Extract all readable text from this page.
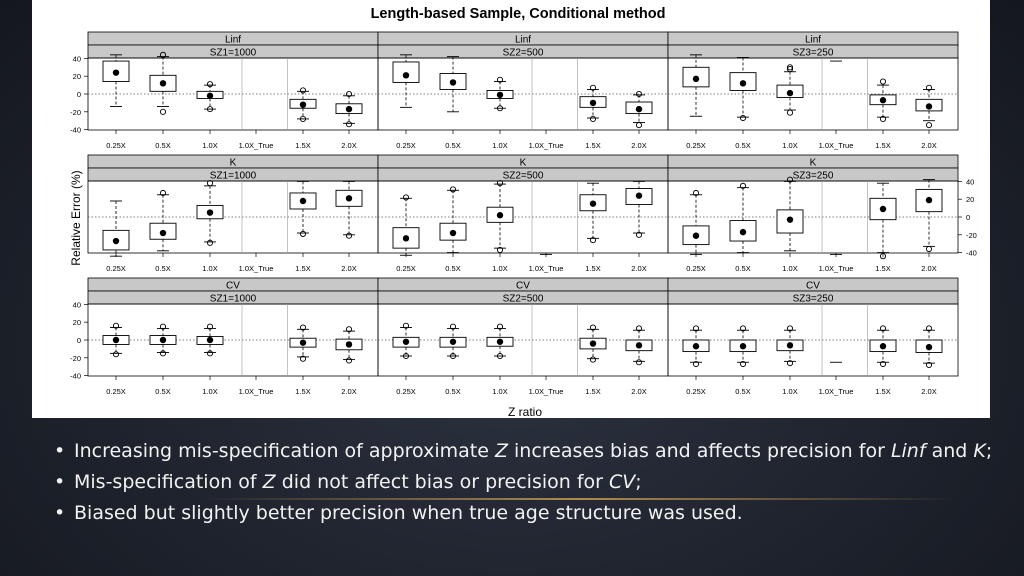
Length-based Sample, Conditional method
Relative Error (%)
Z ratio
Linf
SZ1=1000
0.25X	0.5X	1.0X	1.0X_True	1.5X	2.0X
Linf
SZ2=500
0.25X	0.5X	1.0X	1.0X_True	1.5X	2.0X
Linf
SZ3=250
0.25X	0.5X	1.0X	1.0X_True	1.5X	2.0X
-40
-20
0
20
40
K
SZ1=1000
0.25X	0.5X	1.0X	1.0X_True	1.5X	2.0X
K
SZ2=500
0.25X	0.5X	1.0X	1.0X_True	1.5X	2.0X
K
SZ3=250
0.25X	0.5X	1.0X	1.0X_True	1.5X	2.0X
-40
-20
0
20
40
CV
SZ1=1000
0.25X	0.5X	1.0X	1.0X_True	1.5X	2.0X
CV
SZ2=500
0.25X	0.5X	1.0X	1.0X_True	1.5X	2.0X
CV
SZ3=250
0.25X	0.5X	1.0X	1.0X_True	1.5X	2.0X
-40
-20
0
20
40
• Increasing mis-specification of approximate Z increases bias and affects precision for Linf and K;
• Mis-specification of Z did not affect bias or precision for CV;
• Biased but slightly better precision when true age structure was used.
